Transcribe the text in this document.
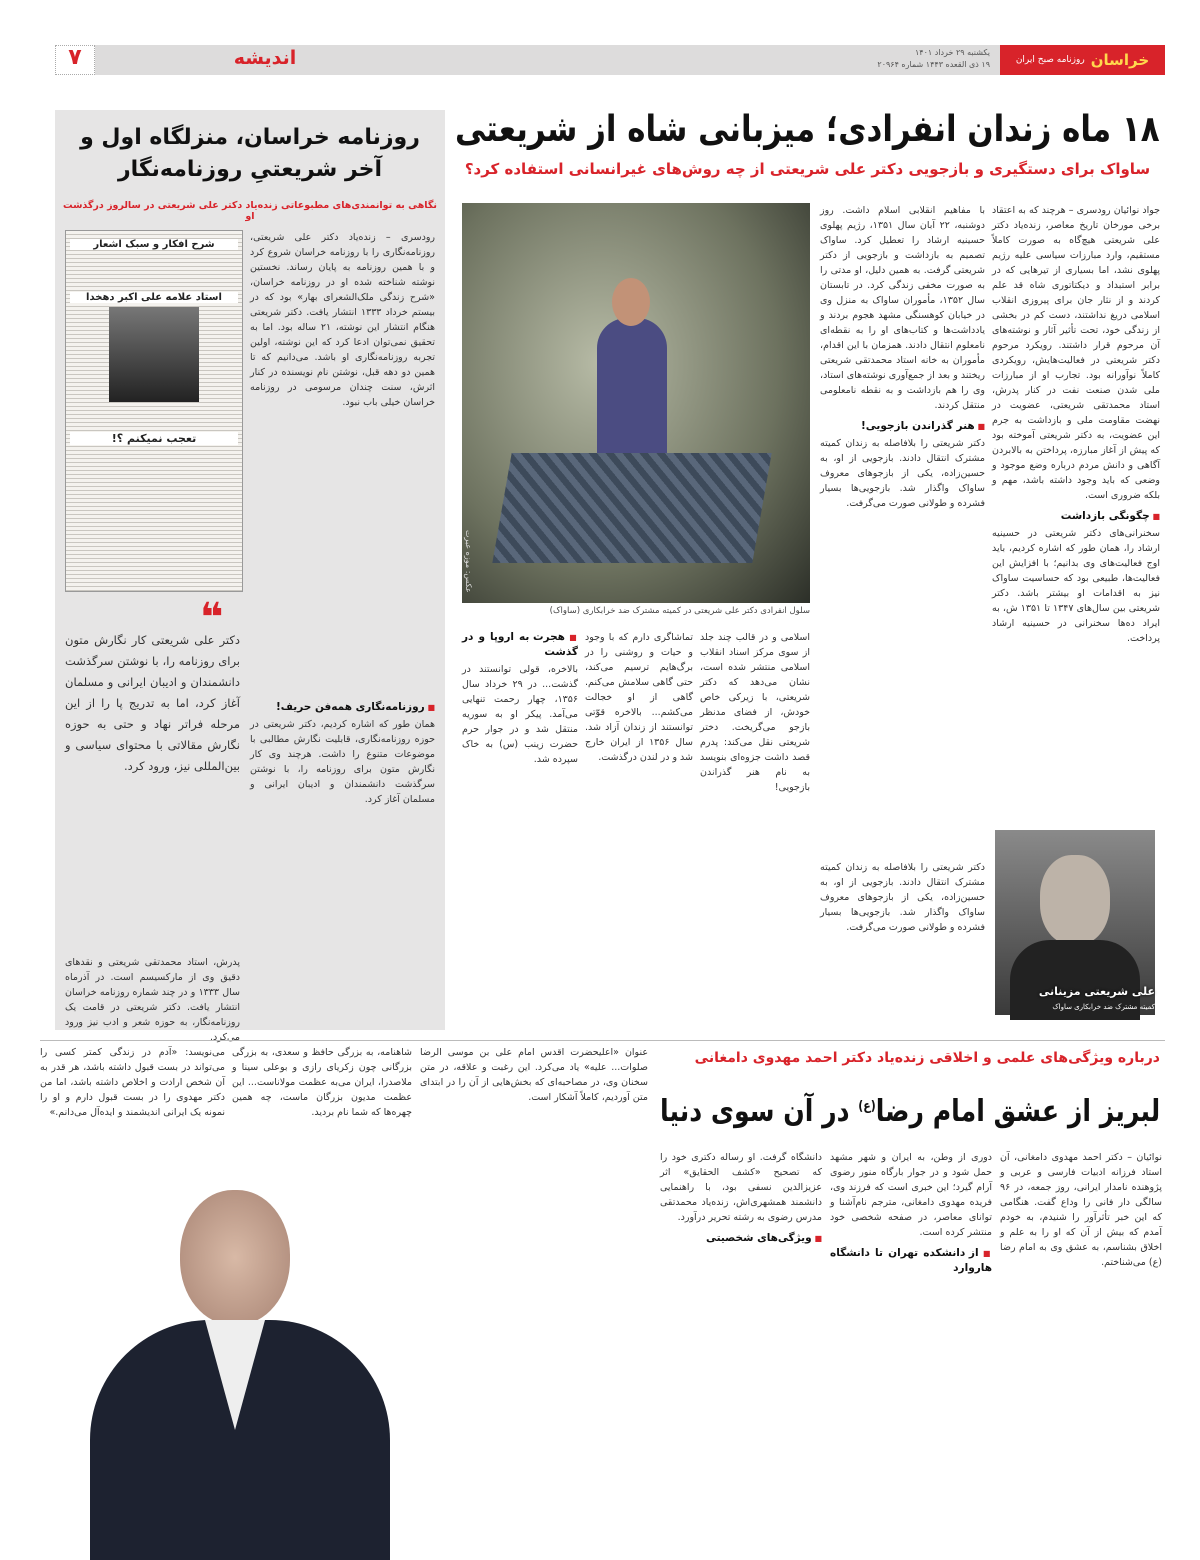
خراسان
روزنامه صبح ایران
یکشنبه ۲۹ خرداد ۱۴۰۱
۱۹ ذی القعده ۱۴۴۳ شماره ۲۰۹۶۴
اندیشه
۷
۱۸ ماه زندان انفرادی؛ میزبانی شاه از شریعتی
ساواک برای دستگیری و بازجویی دکتر علی شریعتی از چه روش‌های غیرانسانی استفاده کرد؟
عکس: موزه عبرت
سلول انفرادی دکتر علی شریعتی در کمیته مشترک ضد خرابکاری (ساواک)
جواد نوائیان رودسری – هرچند که به اعتقاد برخی مورخان تاریخ معاصر، زنده‌یاد دکتر علی شریعتی هیچ‌گاه به صورت کاملاً مستقیم، وارد مبارزات سیاسی علیه رژیم پهلوی نشد، اما بسیاری از تیرهایی که در برابر استبداد و دیکتاتوری شاه قد علم کردند و از نثار جان برای پیروزی انقلاب اسلامی دریغ نداشتند، دست کم در بخشی از زندگی خود، تحت تأثیر آثار و نوشته‌های آن مرحوم قرار داشتند. رویکرد مرحوم دکتر شریعتی در فعالیت‌هایش، رویکردی کاملاً نوآورانه بود. تجارب او از مبارزات ملی شدن صنعت نفت در کنار پدرش، استاد محمدتقی شریعتی، عضویت در نهضت مقاومت ملی و بازداشت به جرم این عضویت، به‌ دکتر شریعتی آموخته بود که پیش از آغاز مبارزه، پرداختن به بالابردن آگاهی و دانش مردم درباره وضع موجود و وضعی که باید وجود داشته باشد، مهم و بلکه ضروری است.
■ چگونگی بازداشت
سخنرانی‌های دکتر شریعتی در حسینیه ارشاد را، همان طور که اشاره کردیم، باید اوج فعالیت‌های وی بدانیم؛ با افزایش این فعالیت‌ها، طبیعی بود که حساسیت ساواک نیز به اقدامات او بیشتر باشد. دکتر شریعتی بین سال‌های ۱۳۴۷ تا ۱۳۵۱ ش، به ایراد ده‌ها سخنرانی در حسینیه ارشاد پرداخت.
با مفاهیم انقلابی اسلام داشت. روز دوشنبه، ۲۲ آبان سال ۱۳۵۱، رژیم پهلوی حسینیه ارشاد را تعطیل کرد. ساواک تصمیم به بازداشت و بازجویی از دکتر شریعتی گرفت. به همین دلیل، او مدتی را به صورت مخفی زندگی کرد. در تابستان سال ۱۳۵۲، مأموران ساواک به منزل وی در خیابان کوهسنگی مشهد هجوم بردند و یادداشت‌ها و کتاب‌های او را به نقطه‌ای نامعلوم انتقال دادند. همزمان با این اقدام، مأموران به خانه استاد محمدتقی شریعتی ریختند و بعد از جمع‌آوری نوشته‌های استاد، وی را هم بازداشت و به نقطه نامعلومی منتقل کردند.
■ هنر گذراندن بازجویی!
دکتر شریعتی را بلافاصله به زندان کمیته مشترک انتقال دادند. بازجویی از او، به حسین‌زاده، یکی از بازجوهای معروف ساواک واگذار شد. بازجویی‌ها بسیار فشرده و طولانی صورت می‌گرفت.
علی شریعتی مزینانی
کمیته مشترک ضد خرابکاری ساواک
دکتر شریعتی را بلافاصله به زندان کمیته مشترک انتقال دادند. بازجویی از او، به حسین‌زاده، یکی از بازجوهای معروف ساواک واگذار شد. بازجویی‌ها بسیار فشرده و طولانی صورت می‌گرفت.
اسلامی و در قالب چند جلد از سوی مرکز اسناد انقلاب اسلامی منتشر شده است، نشان می‌دهد که دکتر شریعتی، با زیرکی خاص خودش، از فضای مدنظر بازجو می‌گریخت. دختر شریعتی نقل می‌کند: پدرم قصد داشت جزوه‌ای بنویسد به نام هنر گذراندن بازجویی!
تماشاگری دارم که با وجود و حیات و روشنی را در برگ‌هایم ترسیم می‌کند، حتی گاهی سلامش می‌کنم. گاهی از او خجالت می‌کشم... بالاخره قوّتی توانستند از زندان آزاد شد. سال ۱۳۵۶ از ایران خارج شد و در لندن درگذشت.
■ هجرت به اروپا و در گذشت
بالاخره، قولی توانستند در گذشت... در ۲۹ خرداد سال ۱۳۵۶، چهار رحمت تنهایی می‌آمد. پیکر او به سوریه منتقل شد و در جوار حرم حضرت زینب (س) به خاک سپرده شد.
روزنامه خراسان، منزلگاه اول و آخر شریعتیِ روزنامه‌نگار
نگاهی به توانمندی‌های مطبوعاتی زنده‌یاد دکتر علی شریعتی در سالروز درگذشت او
شرح افکار و سبک اشعار
استاد علامه علی اکبر دهخدا
تعجب نمیکنم ؟!
رودسری – زنده‌یاد دکتر علی شریعتی، روزنامه‌نگاری را با روزنامه خراسان شروع کرد و با همین روزنامه به پایان رساند. نخستین نوشته شناخته شده او در روزنامه خراسان، «شرح زندگی ملک‌الشعرای بهار» بود که در بیستم خرداد ۱۳۳۳ انتشار یافت. دکتر شریعتی هنگام انتشار این نوشته، ۲۱ ساله بود. اما به تحقیق نمی‌توان ادعا کرد که این نوشته، اولین تجربه روزنامه‌نگاری او باشد. می‌دانیم که تا همین دو دهه قبل، نوشتن نام نویسنده در کنار اثرش، سنت چندان مرسومی در روزنامه خراسان خیلی باب نبود.
❝
دکتر علی شریعتی کار نگارش متون برای روزنامه را، با نوشتن سرگذشت دانشمندان و ادیبان ایرانی و مسلمان آغاز کرد، اما به تدریج پا را از این مرحله فراتر نهاد و حتی به حوزه نگارش مقالاتی با محتوای سیاسی و بین‌المللی نیز، ورود کرد.
■ روزنامه‌نگاری همه‌فن حریف!
همان طور که اشاره کردیم، دکتر شریعتی در حوزه روزنامه‌نگاری، قابلیت نگارش مطالبی با موضوعات متنوع را داشت. هرچند وی کار نگارش متون برای روزنامه را، با نوشتن سرگذشت دانشمندان و ادیبان ایرانی و مسلمان آغاز کرد.
پدرش، استاد محمدتقی شریعتی و نقدهای دقیق وی از مارکسیسم است. در آذرماه سال ۱۳۳۳ و در چند شماره روزنامه خراسان انتشار یافت. دکتر شریعتی در قامت یک روزنامه‌نگار، به حوزه شعر و ادب نیز ورود می‌کرد.
درباره ویژگی‌های علمی و اخلاقی زنده‌یاد دکتر احمد مهدوی دامغانی
لبریز از عشق امام رضا$^{(ع)}$ در آن سوی دنیا
نوائیان – دکتر احمد مهدوی دامغانی، آن استاد فرزانه ادبیات فارسی و عربی و پژوهنده نامدار ایرانی، روز جمعه، در ۹۶ سالگی دار فانی را وداع گفت. هنگامی که این خبر تأثرآور را شنیدم، به خودم آمدم که بیش از آن که او را به علم و اخلاق بشناسم، به عشق وی به امام رضا (ع) می‌شناختم.
دوری از وطن، به ایران و شهر مشهد حمل شود و در جوار بارگاه منور رضوی آرام گیرد؛ این خبری است که فرزند وی، فریده مهدوی دامغانی، مترجم نام‌آشنا و توانای معاصر، در صفحه شخصی خود منتشر کرده است.
■ از دانشکده تهران تا دانشگاه هاروارد
دانشگاه گرفت. او رساله دکتری خود را که تصحیح «کشف الحقایق» اثر عزیزالدین نسفی بود، با راهنمایی دانشمند همشهری‌اش، زنده‌یاد محمدتقی مدرس رضوی به رشته تحریر درآورد.
■ ویژگی‌های شخصیتی
عنوان «اعلیحضرت اقدس امام علی بن موسی الرضا صلوات... علیه» یاد می‌کرد. این رغبت و علاقه، در متن سخنان وی، در مصاحبه‌ای که بخش‌هایی از آن را در ابتدای متن آوردیم، کاملاً آشکار است.
شاهنامه، به بزرگی حافظ و سعدی، به بزرگی بزرگانی چون زکریای رازی و بوعلی سینا و ملاصدرا، ایران می‌به عظمت مولاناست... این عظمت مدیون بزرگان ماست، چه همین چهره‌ها که شما نام بردید.
می‌نویسد: «آدم در زندگی کمتر کسی را می‌تواند در بست قبول داشته باشد، هر قدر به آن شخص ارادت و اخلاص داشته باشد، اما من دکتر مهدوی را در بست قبول دارم و او را نمونه یک ایرانی اندیشمند و ایده‌آل می‌دانم.»
